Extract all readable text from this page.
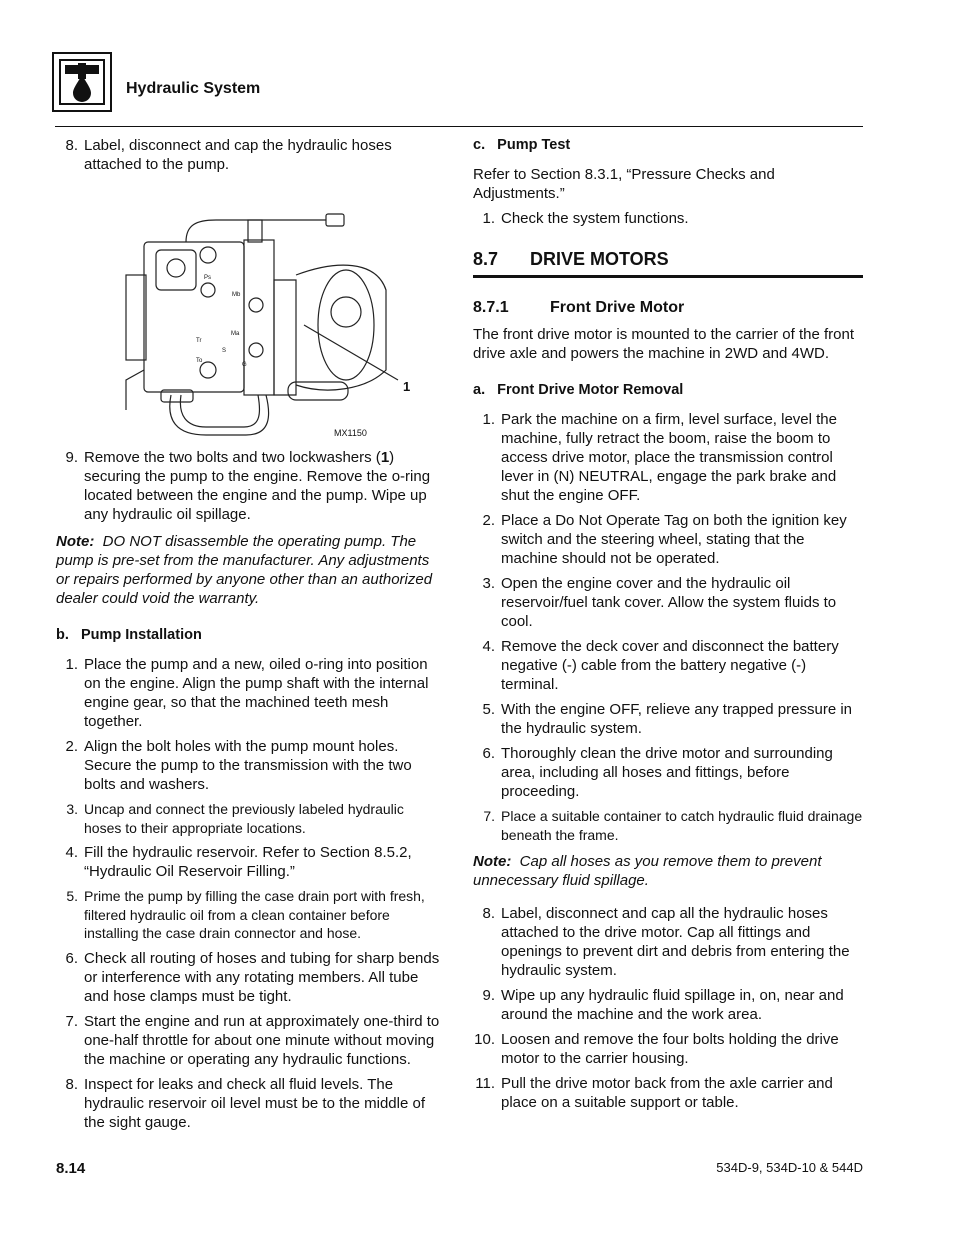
Hydraulic System
8. Label, disconnect and cap the hydraulic hoses attached to the pump.
Ps
Mb
Ma
S
G
Tr
To
1
MX1150
9. Remove the two bolts and two lockwashers (1) securing the pump to the engine. Remove the o-ring located between the engine and the pump. Wipe up any hydraulic oil spillage.
Note: DO NOT disassemble the operating pump. The pump is pre-set from the manufacturer. Any adjustments or repairs performed by anyone other than an authorized dealer could void the warranty.
b.   Pump Installation
1. Place the pump and a new, oiled o-ring into position on the engine. Align the pump shaft with the internal engine gear, so that the machined teeth mesh together.
2. Align the bolt holes with the pump mount holes. Secure the pump to the transmission with the two bolts and washers.
3. Uncap and connect the previously labeled hydraulic hoses to their appropriate locations.
4. Fill the hydraulic reservoir. Refer to Section 8.5.2, “Hydraulic Oil Reservoir Filling.”
5. Prime the pump by filling the case drain port with fresh, filtered hydraulic oil from a clean container before installing the case drain connector and hose.
6. Check all routing of hoses and tubing for sharp bends or interference with any rotating members. All tube and hose clamps must be tight.
7. Start the engine and run at approximately one-third to one-half throttle for about one minute without moving the machine or operating any hydraulic functions.
8. Inspect for leaks and check all fluid levels. The hydraulic reservoir oil level must be to the middle of the sight gauge.
c.   Pump Test
Refer to Section 8.3.1, “Pressure Checks and Adjustments.”
1. Check the system functions.
8.7	DRIVE MOTORS
8.7.1	Front Drive Motor
The front drive motor is mounted to the carrier of the front drive axle and powers the machine in 2WD and 4WD.
a.   Front Drive Motor Removal
1. Park the machine on a firm, level surface, level the machine, fully retract the boom, raise the boom to access drive motor, place the transmission control lever in (N) NEUTRAL, engage the park brake and shut the engine OFF.
2. Place a Do Not Operate Tag on both the ignition key switch and the steering wheel, stating that the machine should not be operated.
3. Open the engine cover and the hydraulic oil reservoir/fuel tank cover. Allow the system fluids to cool.
4. Remove the deck cover and disconnect the battery negative (-) cable from the battery negative (-) terminal.
5. With the engine OFF, relieve any trapped pressure in the hydraulic system.
6. Thoroughly clean the drive motor and surrounding area, including all hoses and fittings, before proceeding.
7. Place a suitable container to catch hydraulic fluid drainage beneath the frame.
Note: Cap all hoses as you remove them to prevent unnecessary fluid spillage.
8. Label, disconnect and cap all the hydraulic hoses attached to the drive motor. Cap all fittings and openings to prevent dirt and debris from entering the hydraulic system.
9. Wipe up any hydraulic fluid spillage in, on, near and around the machine and the work area.
10. Loosen and remove the four bolts holding the drive motor to the carrier housing.
11. Pull the drive motor back from the axle carrier and place on a suitable support or table.
8.14	534D-9, 534D-10 & 544D
